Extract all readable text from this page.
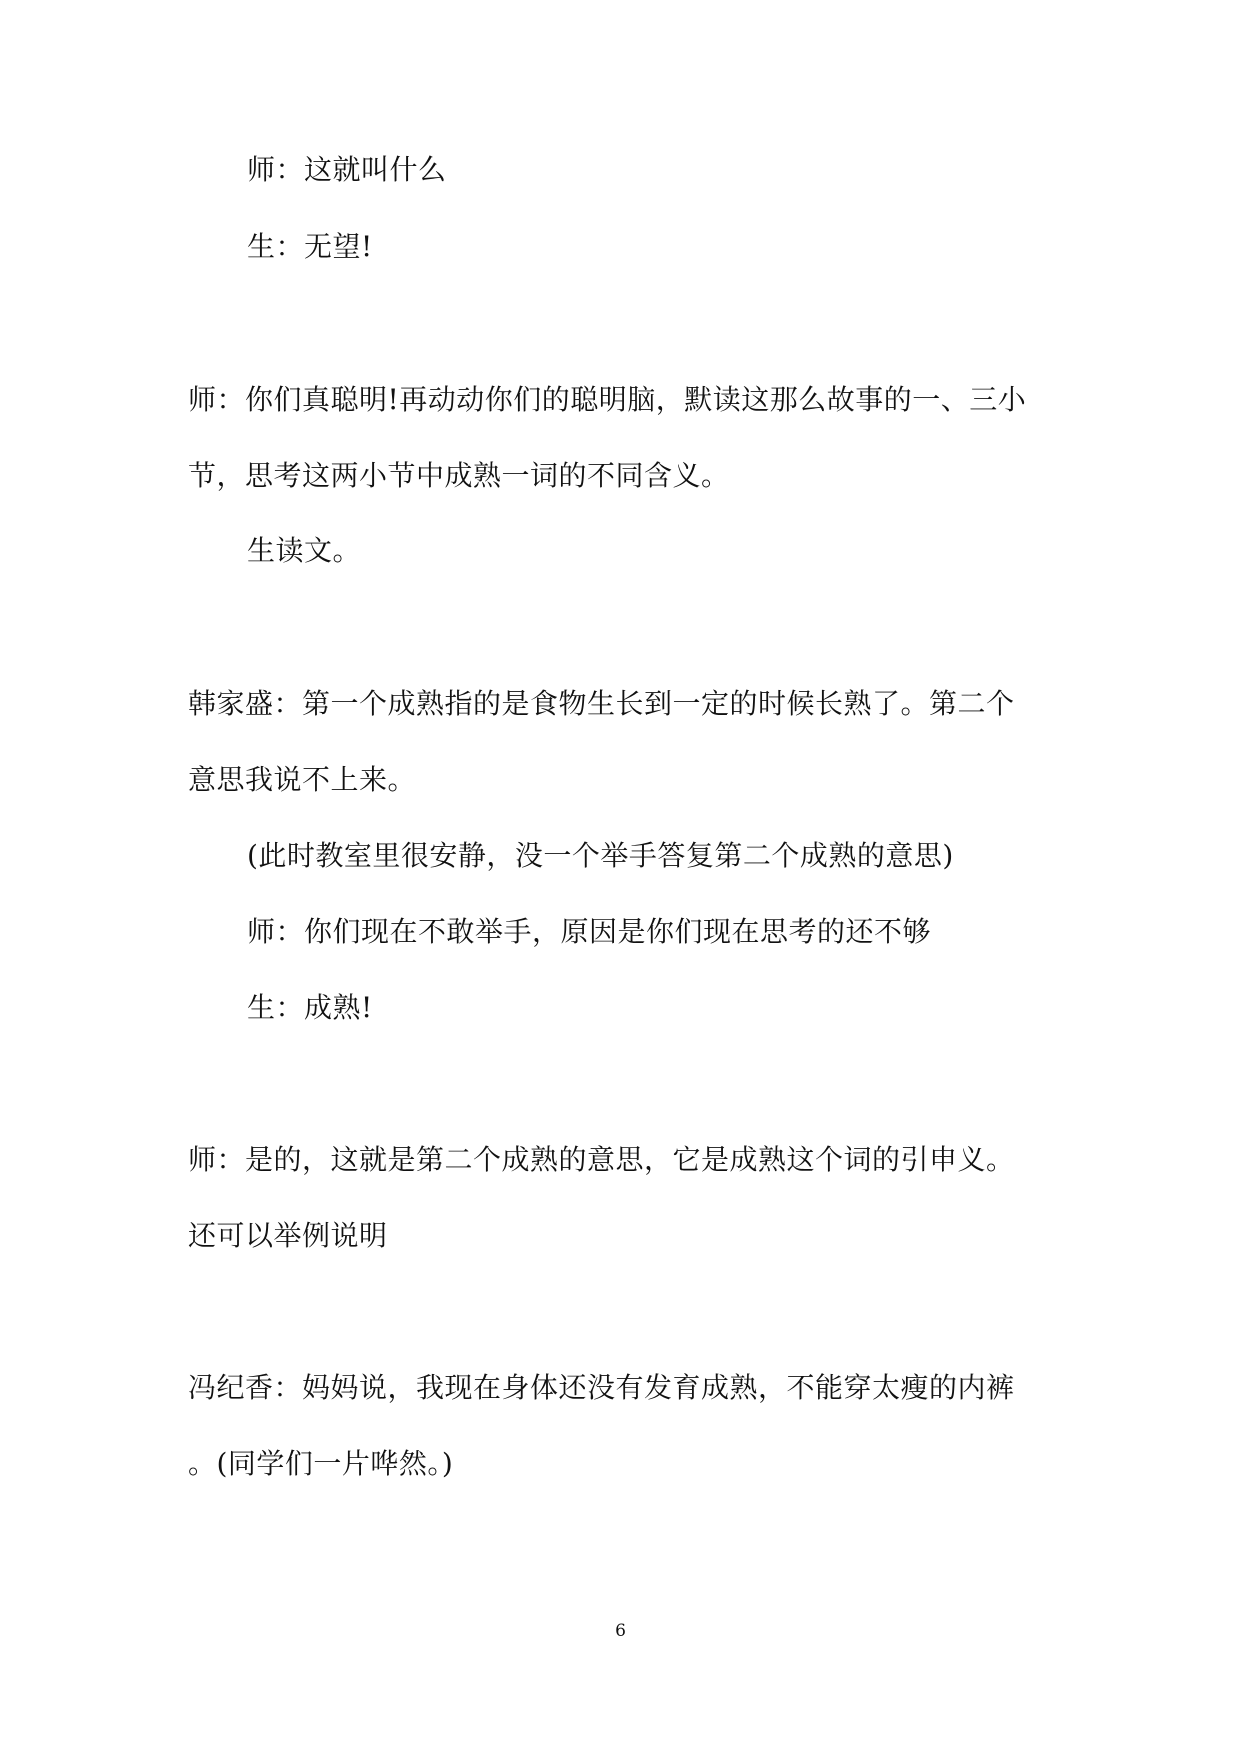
师：这就叫什么
生：无望!
师：你们真聪明!再动动你们的聪明脑，默读这那么故事的一、三小
节，思考这两小节中成熟一词的不同含义。
生读文。
韩家盛：第一个成熟指的是食物生长到一定的时候长熟了。第二个
意思我说不上来。
(此时教室里很安静，没一个举手答复第二个成熟的意思)
师：你们现在不敢举手，原因是你们现在思考的还不够
生：成熟!
师：是的，这就是第二个成熟的意思，它是成熟这个词的引申义。
还可以举例说明
冯纪香：妈妈说，我现在身体还没有发育成熟，不能穿太瘦的内裤
。(同学们一片哗然。)
6
